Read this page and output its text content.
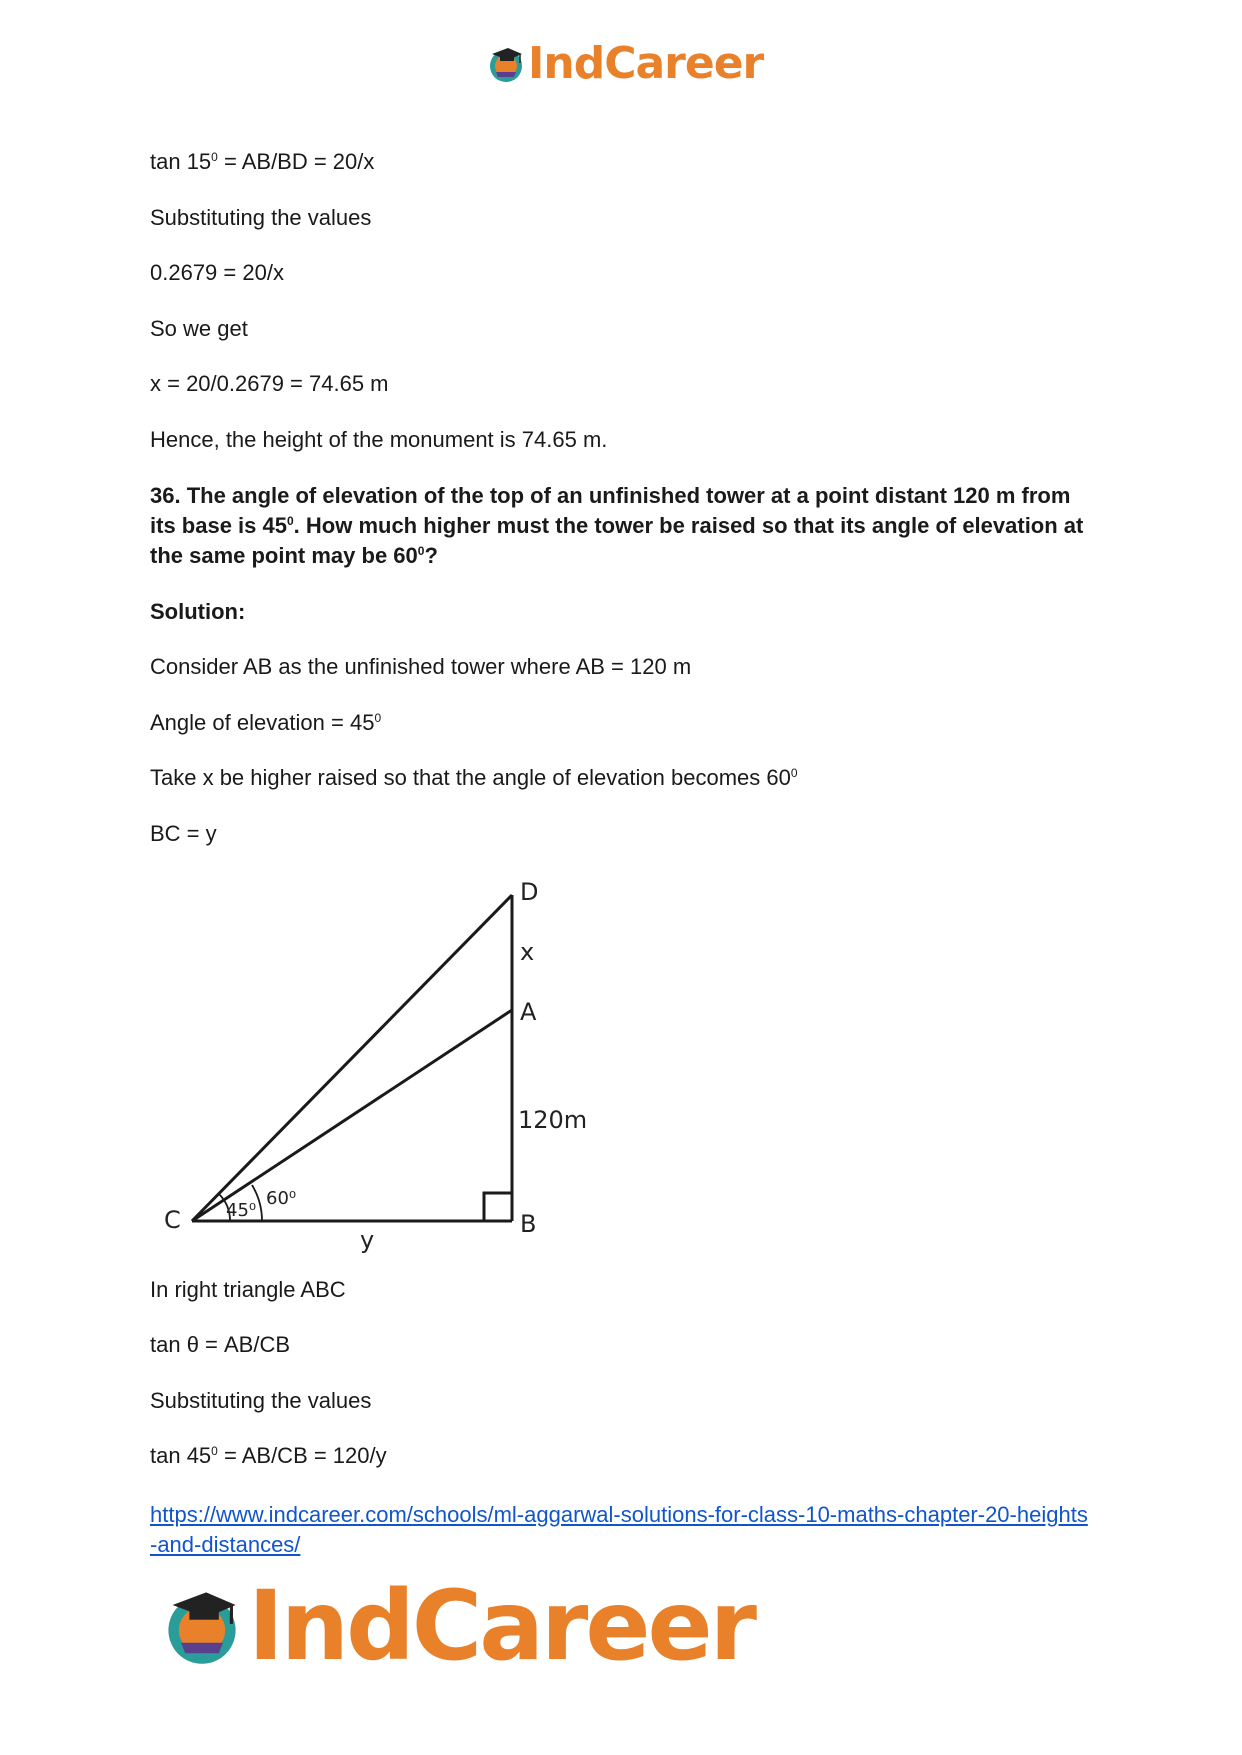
IndCareer
$\tan 15^0 = AB/BD = 20/x$
Substituting the values
0.2679 = 20/x
So we get
x = 20/0.2679 = 74.65 m
Hence, the height of the monument is 74.65 m.
36. The angle of elevation of the top of an unfinished tower at a point distant 120 m from its base is $45^0$. How much higher must the tower be raised so that its angle of elevation at the same point may be $60^0$?
Solution:
Consider AB as the unfinished tower where AB = 120 m
Angle of elevation = $45^0$
Take x be higher raised so that the angle of elevation becomes $60^0$
BC = y
D
x
A
120m
C	B
y
45⁰
60⁰
In right triangle ABC
tan θ = AB/CB
Substituting the values
$\tan 45^0 = AB/CB = 120/y$
https://www.indcareer.com/schools/ml-aggarwal-solutions-for-class-10-maths-chapter-20-heights-and-distances/
IndCareer
